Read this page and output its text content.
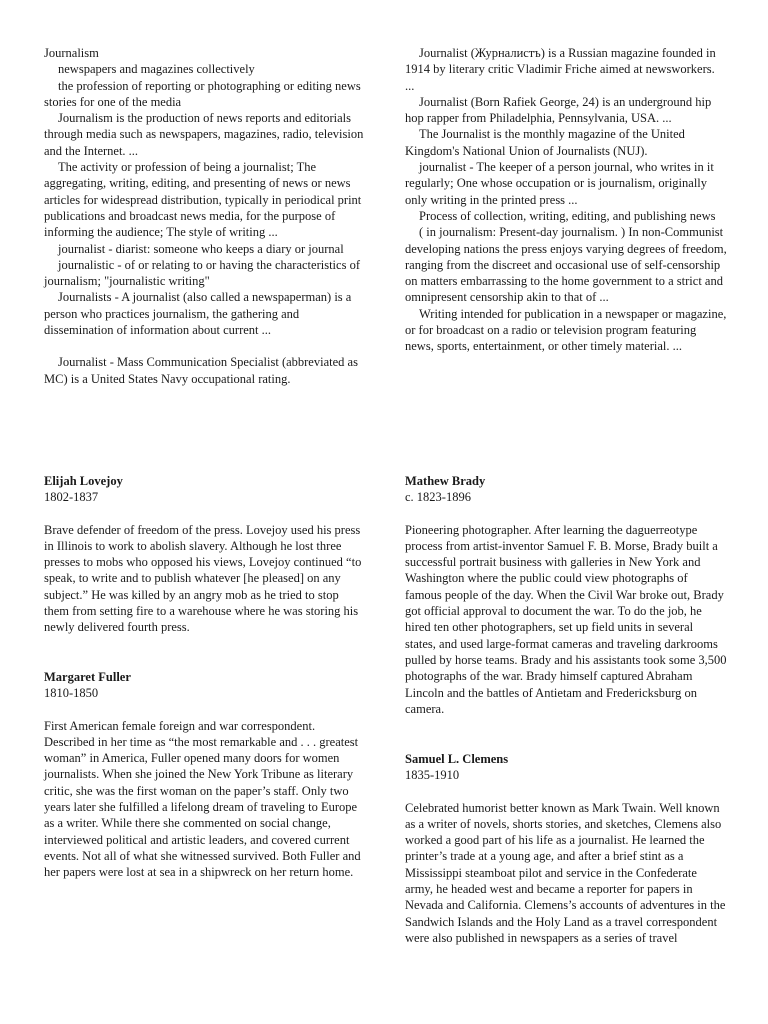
Journalism

newspapers and magazines collectively

the profession of reporting or photographing or editing news stories for one of the media

Journalism is the production of news reports and editorials through media such as newspapers, magazines, radio, television and the Internet. ...

The activity or profession of being a journalist; The aggregating, writing, editing, and presenting of news or news articles for widespread distribution, typically in periodical print publications and broadcast news media, for the purpose of informing the audience; The style of writing ...

journalist - diarist: someone who keeps a diary or journal

journalistic - of or relating to or having the characteristics of journalism; "journalistic writing"

Journalists - A journalist (also called a newspaperman) is a person who practices journalism, the gathering and dissemination of information about current ...

Journalist - Mass Communication Specialist (abbreviated as MC) is a United States Navy occupational rating.

Elijah Lovejoy

1802-1837

Brave defender of freedom of the press. Lovejoy used his press in Illinois to work to abolish slavery. Although he lost three presses to mobs who opposed his views, Lovejoy continued “to speak, to write and to publish whatever [he pleased] on any subject.” He was killed by an angry mob as he tried to stop them from setting fire to a warehouse where he was storing his newly delivered fourth press.

Margaret Fuller

1810-1850

First American female foreign and war correspondent. Described in her time as “the most remarkable and . . . greatest woman” in America, Fuller opened many doors for women journalists. When she joined the New York Tribune as literary critic, she was the first woman on the paper’s staff. Only two years later she fulfilled a lifelong dream of traveling to Europe as a writer. While there she commented on social change, interviewed political and artistic leaders, and covered current events. Not all of what she witnessed survived. Both Fuller and her papers were lost at sea in a shipwreck on her return home.

Journalist (Журналистъ) is a Russian magazine founded in 1914 by literary critic Vladimir Friche aimed at newsworkers. ...

Journalist (Born Rafiek George, 24) is an underground hip hop rapper from Philadelphia, Pennsylvania, USA. ...

The Journalist is the monthly magazine of the United Kingdom's National Union of Journalists (NUJ).

journalist - The keeper of a person journal, who writes in it regularly; One whose occupation or is journalism, originally only writing in the printed press ...

Process of collection, writing, editing, and publishing news

( in journalism: Present-day journalism. ) In non-Communist developing nations the press enjoys varying degrees of freedom, ranging from the discreet and occasional use of self-censorship on matters embarrassing to the home government to a strict and omnipresent censorship akin to that of ...

Writing intended for publication in a newspaper or magazine, or for broadcast on a radio or television program featuring news, sports, entertainment, or other timely material. ...

Mathew Brady

c. 1823-1896

Pioneering photographer. After learning the daguerreotype process from artist-inventor Samuel F. B. Morse, Brady built a successful portrait business with galleries in New York and Washington where the public could view photographs of famous people of the day. When the Civil War broke out, Brady got official approval to document the war. To do the job, he hired ten other photographers, set up field units in several states, and used large-format cameras and traveling darkrooms pulled by horse teams. Brady and his assistants took some 3,500 photographs of the war. Brady himself captured Abraham Lincoln and the battles of Antietam and Fredericksburg on camera.

Samuel L. Clemens

1835-1910

Celebrated humorist better known as Mark Twain. Well known as a writer of novels, shorts stories, and sketches, Clemens also worked a good part of his life as a journalist. He learned the printer’s trade at a young age, and after a brief stint as a Mississippi steamboat pilot and service in the Confederate army, he headed west and became a reporter for papers in Nevada and California. Clemens’s accounts of adventures in the Sandwich Islands and the Holy Land as a travel correspondent were also published in newspapers as a series of travel
